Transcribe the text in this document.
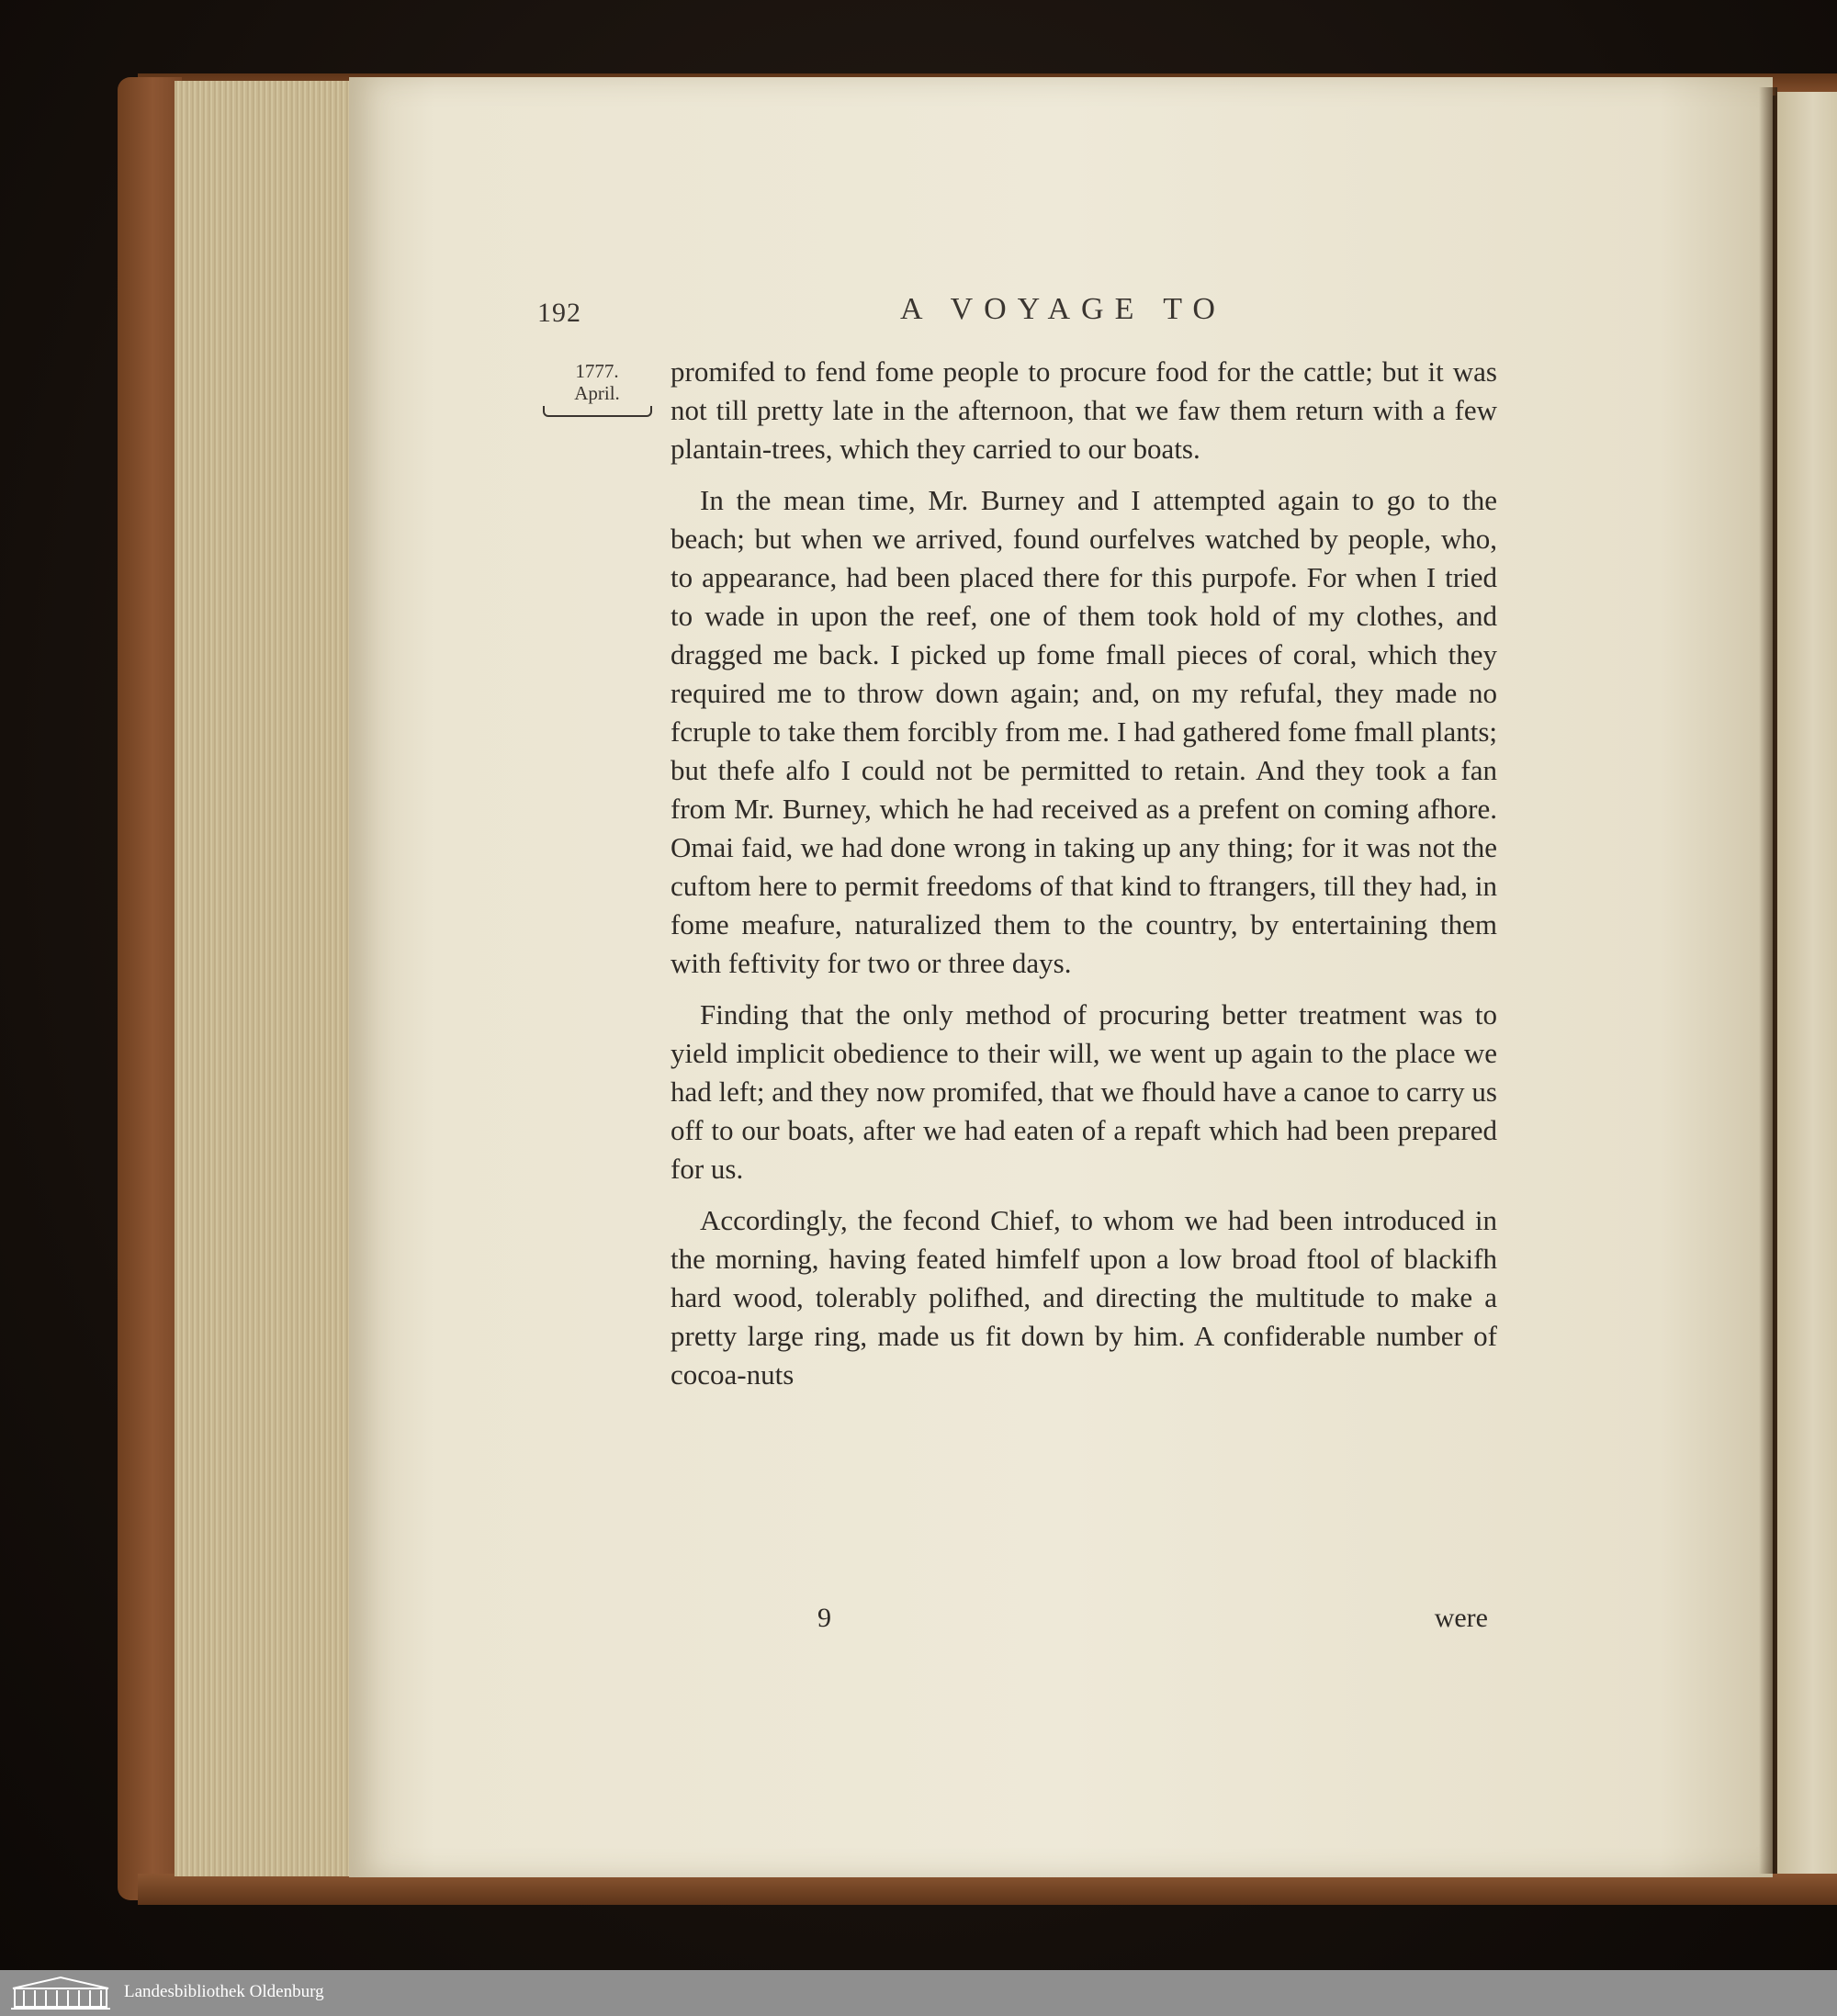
192	A VOYAGE TO
1777.
April.

promifed to fend fome people to procure food for the cattle; but it was not till pretty late in the afternoon, that we faw them return with a few plantain-trees, which they carried to our boats.

In the mean time, Mr. Burney and I attempted again to go to the beach; but when we arrived, found ourfelves watched by people, who, to appearance, had been placed there for this purpofe. For when I tried to wade in upon the reef, one of them took hold of my clothes, and dragged me back. I picked up fome fmall pieces of coral, which they required me to throw down again; and, on my refufal, they made no fcruple to take them forcibly from me. I had gathered fome fmall plants; but thefe alfo I could not be permitted to retain. And they took a fan from Mr. Burney, which he had received as a prefent on coming afhore. Omai faid, we had done wrong in taking up any thing; for it was not the cuftom here to permit freedoms of that kind to ftrangers, till they had, in fome meafure, naturalized them to the country, by entertaining them with feftivity for two or three days.

Finding that the only method of procuring better treatment was to yield implicit obedience to their will, we went up again to the place we had left; and they now promifed, that we fhould have a canoe to carry us off to our boats, after we had eaten of a repaft which had been prepared for us.

Accordingly, the fecond Chief, to whom we had been introduced in the morning, having feated himfelf upon a low broad ftool of blackifh hard wood, tolerably polifhed, and directing the multitude to make a pretty large ring, made us fit down by him. A confiderable number of cocoa-nuts

9	were
Landesbibliothek Oldenburg
